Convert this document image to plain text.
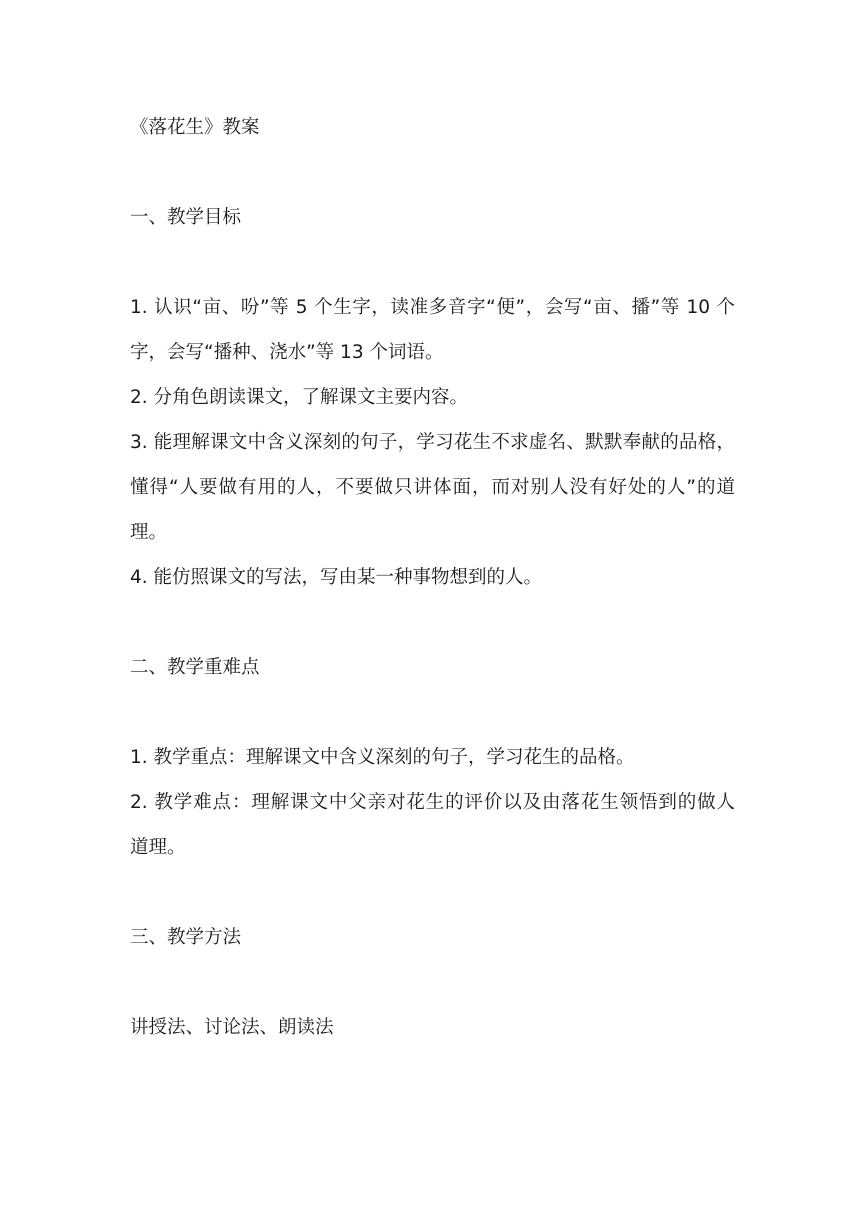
《落花生》教案

一、教学目标

1. 认识“亩、吩”等 5 个生字，读准多音字“便”，会写“亩、播”等 10 个

字，会写“播种、浇水”等 13 个词语。

2. 分角色朗读课文，了解课文主要内容。

3. 能理解课文中含义深刻的句子，学习花生不求虚名、默默奉献的品格，

懂得“人要做有用的人，不要做只讲体面，而对别人没有好处的人”的道

理。

4. 能仿照课文的写法，写由某一种事物想到的人。

二、教学重难点

1. 教学重点：理解课文中含义深刻的句子，学习花生的品格。

2. 教学难点：理解课文中父亲对花生的评价以及由落花生领悟到的做人

道理。

三、教学方法

讲授法、讨论法、朗读法
